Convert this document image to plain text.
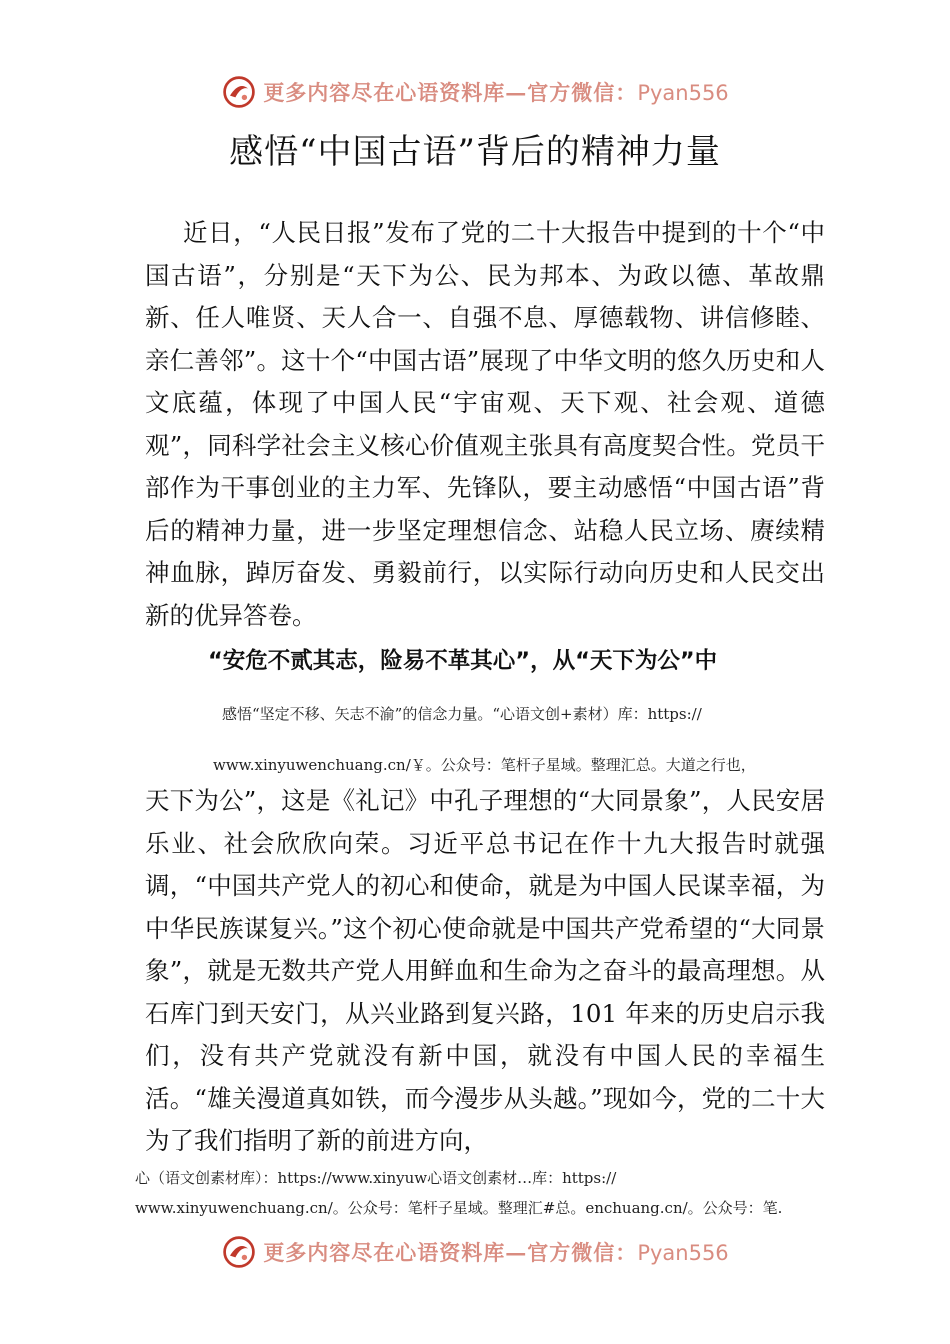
更多内容尽在心语资料库—官方微信：Pyan556
感悟“中国古语”背后的精神力量

近日，“人民日报”发布了党的二十大报告中提到的十个“中国古语”，分别是“天下为公、民为邦本、为政以德、革故鼎新、任人唯贤、天人合一、自强不息、厚德载物、讲信修睦、亲仁善邻”。这十个“中国古语”展现了中华文明的悠久历史和人文底蕴，体现了中国人民“宇宙观、天下观、社会观、道德观”，同科学社会主义核心价值观主张具有高度契合性。党员干部作为干事创业的主力军、先锋队，要主动感悟“中国古语”背后的精神力量，进一步坚定理想信念、站稳人民立场、赓续精神血脉，踔厉奋发、勇毅前行，以实际行动向历史和人民交出新的优异答卷。

“安危不贰其志，险易不革其心”，从“天下为公”中

感悟“坚定不移、矢志不渝”的信念力量。“心语文创+素材）库：https://

www.xinyuwenchuang.cn/￥。公众号：笔杆子星域。整理汇总。大道之行也，

天下为公”，这是《礼记》中孔子理想的“大同景象”，人民安居乐业、社会欣欣向荣。习近平总书记在作十九大报告时就强调，“中国共产党人的初心和使命，就是为中国人民谋幸福，为中华民族谋复兴。”这个初心使命就是中国共产党希望的“大同景象”，就是无数共产党人用鲜血和生命为之奋斗的最高理想。从石库门到天安门，从兴业路到复兴路，101 年来的历史启示我们，没有共产党就没有新中国，就没有中国人民的幸福生活。“雄关漫道真如铁，而今漫步从头越。”现如今，党的二十大为了我们指明了新的前进方向，

心（语文创素材库）：https://www.xinyuw心语文创素材…库：https://

www.xinyuwenchuang.cn/。公众号：笔杆子星域。整理汇#总。enchuang.cn/。公众号：笔.

更多内容尽在心语资料库—官方微信：Pyan556
